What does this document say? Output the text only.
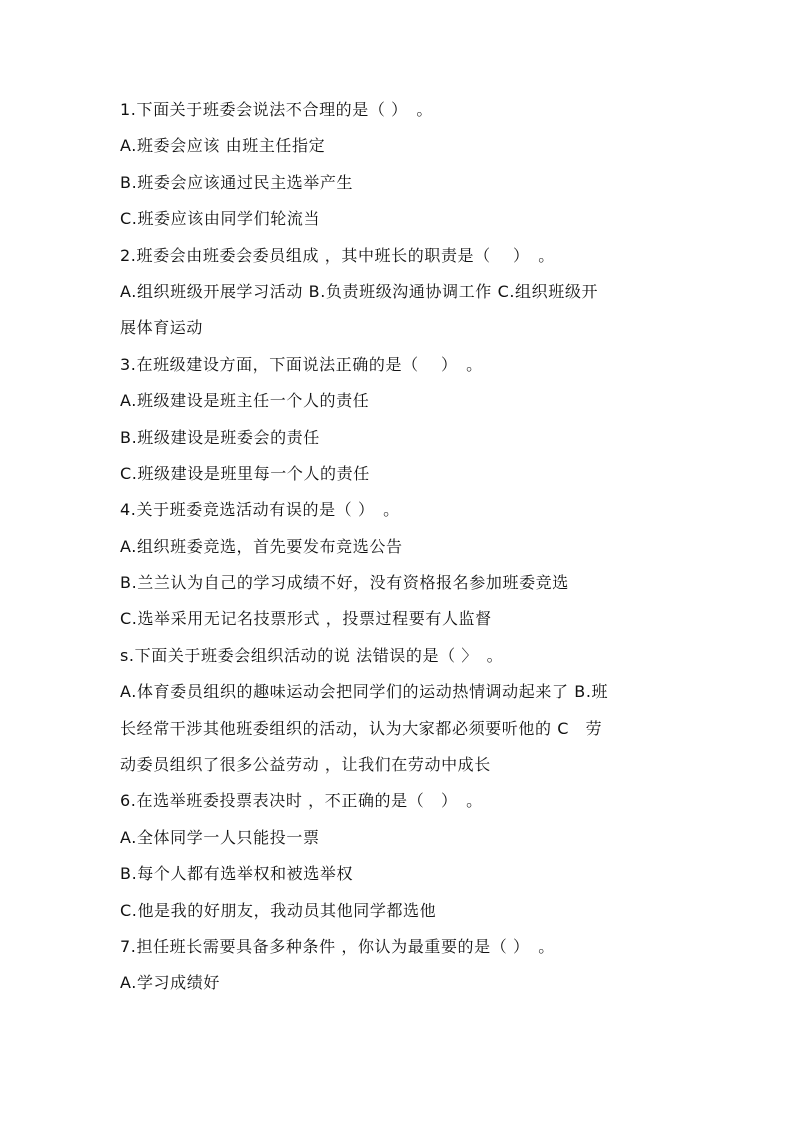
1.下面关于班委会说法不合理的是（ ）　。
A.班委会应该 由班主任指定
B.班委会应该通过民主选举产生
C.班委应该由同学们轮流当
2.班委会由班委会委员组成 ，其中班长的职责是（　 ）　。
A.组织班级开展学习活动 B.负责班级沟通协调工作 C.组织班级开
展体育运动
3.在班级建设方面，下面说法正确的是（　 ）　。
A.班级建设是班主任一个人的责任
B.班级建设是班委会的责任
C.班级建设是班里每一个人的责任
4.关于班委竞选活动有误的是（ ）　。
A.组织班委竞选，首先要发布竞选公告
B.兰兰认为自己的学习成绩不好，没有资格报名参加班委竞选
C.选举采用无记名技票形式 ，投票过程要有人监督
s.下面关于班委会组织活动的说 法错误的是（ 〉　。
A.体育委员组织的趣味运动会把同学们的运动热情调动起来了 B.班
长经常干涉其他班委组织的活动，认为大家都必须要听他的 C　劳
动委员组织了很多公益劳动 ，让我们在劳动中成长
6.在选举班委投票表决时 ，不正确的是（　）　。
A.全体同学一人只能投一票
B.每个人都有选举权和被选举权
C.他是我的好朋友，我动员其他同学都选他
7.担任班长需要具备多种条件 ，你认为最重要的是（ ）　。
A.学习成绩好
